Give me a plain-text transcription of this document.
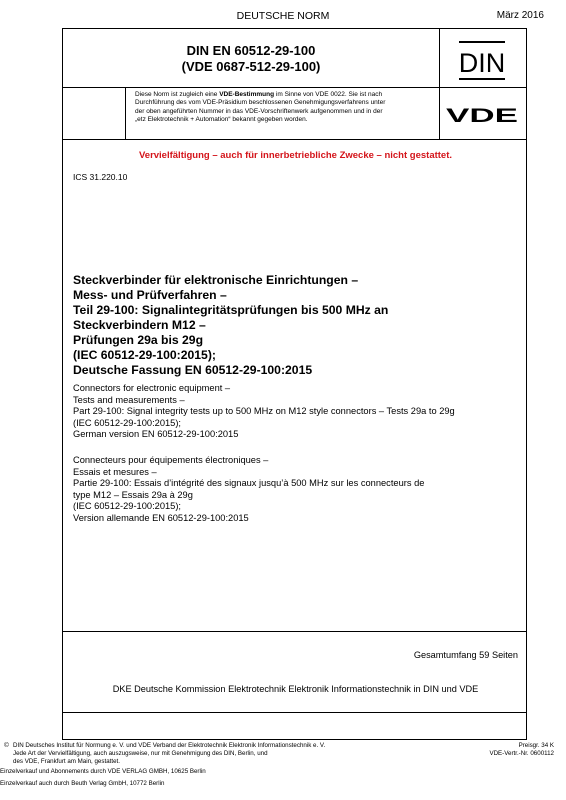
DEUTSCHE NORM	März 2016
DIN EN 60512-29-100
(VDE 0687-512-29-100)	DIN
VDE
Diese Norm ist zugleich eine VDE-Bestimmung im Sinne von VDE 0022. Sie ist nach
Durchführung des vom VDE-Präsidium beschlossenen Genehmigungsverfahrens unter
der oben angeführten Nummer in das VDE-Vorschriftenwerk aufgenommen und in der
„etz Elektrotechnik + Automation“ bekannt gegeben worden.
Vervielfältigung – auch für innerbetriebliche Zwecke – nicht gestattet.
ICS 31.220.10
Steckverbinder für elektronische Einrichtungen –
Mess- und Prüfverfahren –
Teil 29-100: Signalintegritätsprüfungen bis 500 MHz an
Steckverbindern M12 –
Prüfungen 29a bis 29g
(IEC 60512-29-100:2015);
Deutsche Fassung EN 60512-29-100:2015
Connectors for electronic equipment –
Tests and measurements –
Part 29-100: Signal integrity tests up to 500 MHz on M12 style connectors – Tests 29a to 29g
(IEC 60512-29-100:2015);
German version EN 60512-29-100:2015
Connecteurs pour équipements électroniques –
Essais et mesures –
Partie 29-100: Essais d’intégrité des signaux jusqu’à 500 MHz sur les connecteurs de
type M12 – Essais 29a à 29g
(IEC 60512-29-100:2015);
Version allemande EN 60512-29-100:2015
Gesamtumfang 59 Seiten
DKE Deutsche Kommission Elektrotechnik Elektronik Informationstechnik in DIN und VDE
© DIN Deutsches Institut für Normung e. V. und VDE Verband der Elektrotechnik Elektronik Informationstechnik e. V.
Jede Art der Vervielfältigung, auch auszugsweise, nur mit Genehmigung des DIN, Berlin, und
des VDE, Frankfurt am Main, gestattet.
Preisgr. 34 K
VDE-Vertr.-Nr. 0600112
Einzelverkauf und Abonnements durch VDE VERLAG GMBH, 10625 Berlin
Einzelverkauf auch durch Beuth Verlag GmbH, 10772 Berlin
